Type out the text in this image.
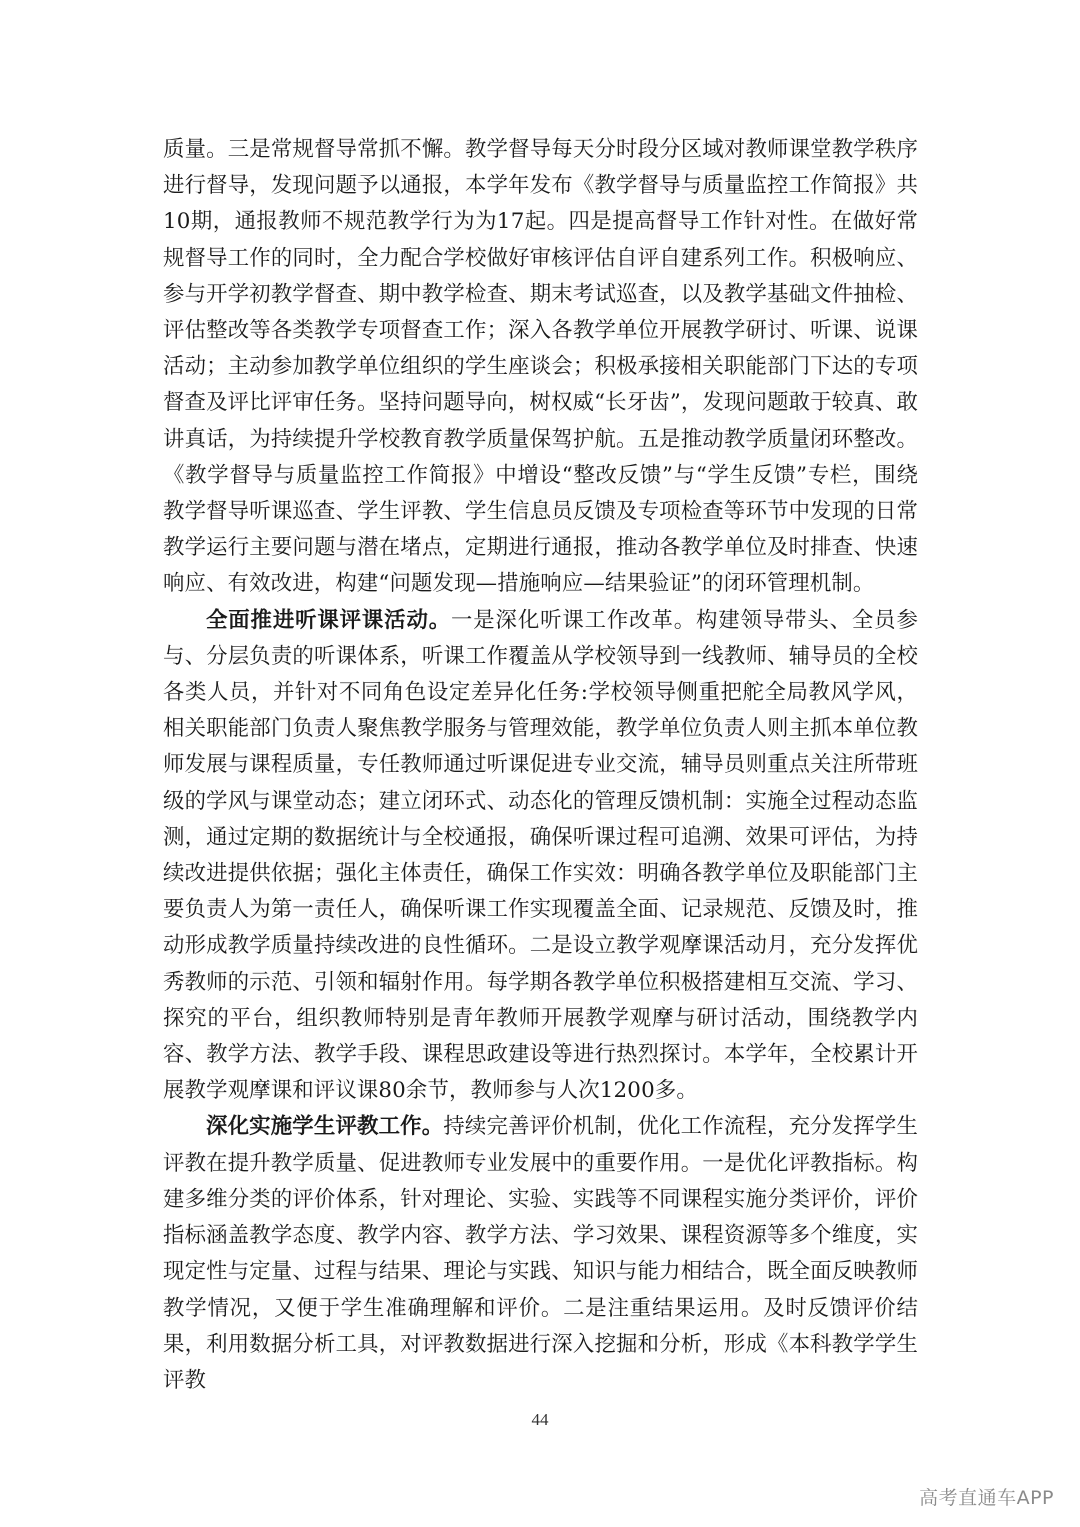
质量。三是常规督导常抓不懈。教学督导每天分时段分区域对教师课堂教学秩序进行督导，发现问题予以通报，本学年发布《教学督导与质量监控工作简报》共10期，通报教师不规范教学行为为17起。四是提高督导工作针对性。在做好常规督导工作的同时，全力配合学校做好审核评估自评自建系列工作。积极响应、参与开学初教学督查、期中教学检查、期末考试巡查，以及教学基础文件抽检、评估整改等各类教学专项督查工作；深入各教学单位开展教学研讨、听课、说课活动；主动参加教学单位组织的学生座谈会；积极承接相关职能部门下达的专项督查及评比评审任务。坚持问题导向，树权威“长牙齿”，发现问题敢于较真、敢讲真话，为持续提升学校教育教学质量保驾护航。五是推动教学质量闭环整改。《教学督导与质量监控工作简报》中增设“整改反馈”与“学生反馈”专栏，围绕教学督导听课巡查、学生评教、学生信息员反馈及专项检查等环节中发现的日常教学运行主要问题与潜在堵点，定期进行通报，推动各教学单位及时排查、快速响应、有效改进，构建“问题发现—措施响应—结果验证”的闭环管理机制。

全面推进听课评课活动。一是深化听课工作改革。构建领导带头、全员参与、分层负责的听课体系，听课工作覆盖从学校领导到一线教师、辅导员的全校各类人员，并针对不同角色设定差异化任务:学校领导侧重把舵全局教风学风，相关职能部门负责人聚焦教学服务与管理效能，教学单位负责人则主抓本单位教师发展与课程质量，专任教师通过听课促进专业交流，辅导员则重点关注所带班级的学风与课堂动态；建立闭环式、动态化的管理反馈机制：实施全过程动态监测，通过定期的数据统计与全校通报，确保听课过程可追溯、效果可评估，为持续改进提供依据；强化主体责任，确保工作实效：明确各教学单位及职能部门主要负责人为第一责任人，确保听课工作实现覆盖全面、记录规范、反馈及时，推动形成教学质量持续改进的良性循环。二是设立教学观摩课活动月，充分发挥优秀教师的示范、引领和辐射作用。每学期各教学单位积极搭建相互交流、学习、探究的平台，组织教师特别是青年教师开展教学观摩与研讨活动，围绕教学内容、教学方法、教学手段、课程思政建设等进行热烈探讨。本学年，全校累计开展教学观摩课和评议课80余节，教师参与人次1200多。

深化实施学生评教工作。持续完善评价机制，优化工作流程，充分发挥学生评教在提升教学质量、促进教师专业发展中的重要作用。一是优化评教指标。构建多维分类的评价体系，针对理论、实验、实践等不同课程实施分类评价，评价指标涵盖教学态度、教学内容、教学方法、学习效果、课程资源等多个维度，实现定性与定量、过程与结果、理论与实践、知识与能力相结合，既全面反映教师教学情况，又便于学生准确理解和评价。二是注重结果运用。及时反馈评价结果，利用数据分析工具，对评教数据进行深入挖掘和分析，形成《本科教学学生评教

44
高考直通车APP
